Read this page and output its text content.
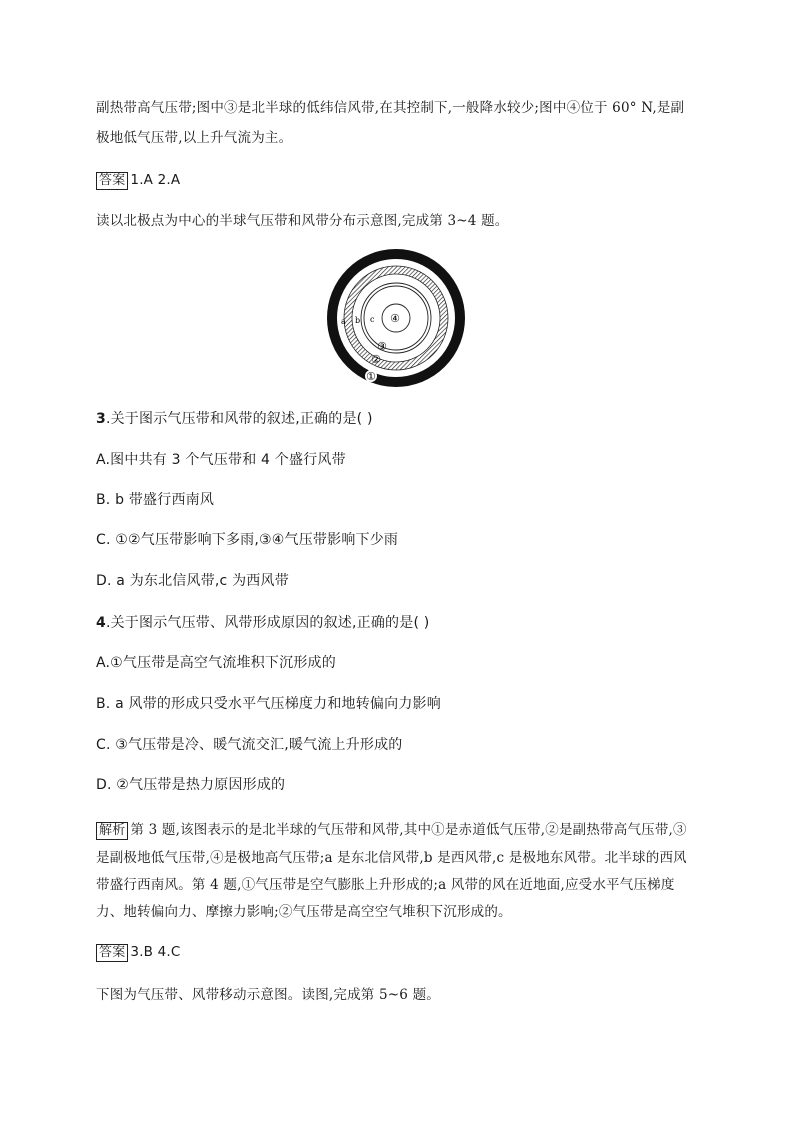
副热带高气压带;图中③是北半球的低纬信风带,在其控制下,一般降水较少;图中④位于 60° N,是副
极地低气压带,以上升气流为主。
答案 1.A 2.A
读以北极点为中心的半球气压带和风带分布示意图,完成第 3~4 题。
a b c ④
③
②
①
3.关于图示气压带和风带的叙述,正确的是( )
A.图中共有 3 个气压带和 4 个盛行风带
B. b 带盛行西南风
C. ①②气压带影响下多雨,③④气压带影响下少雨
D. a 为东北信风带,c 为西风带
4.关于图示气压带、风带形成原因的叙述,正确的是( )
A.①气压带是高空气流堆积下沉形成的
B. a 风带的形成只受水平气压梯度力和地转偏向力影响
C. ③气压带是冷、暖气流交汇,暖气流上升形成的
D. ②气压带是热力原因形成的
解析 第 3 题,该图表示的是北半球的气压带和风带,其中①是赤道低气压带,②是副热带高气压带,③
是副极地低气压带,④是极地高气压带;a 是东北信风带,b 是西风带,c 是极地东风带。北半球的西风
带盛行西南风。第 4 题,①气压带是空气膨胀上升形成的;a 风带的风在近地面,应受水平气压梯度
力、地转偏向力、摩擦力影响;②气压带是高空空气堆积下沉形成的。
答案 3.B 4.C
下图为气压带、风带移动示意图。读图,完成第 5~6 题。
